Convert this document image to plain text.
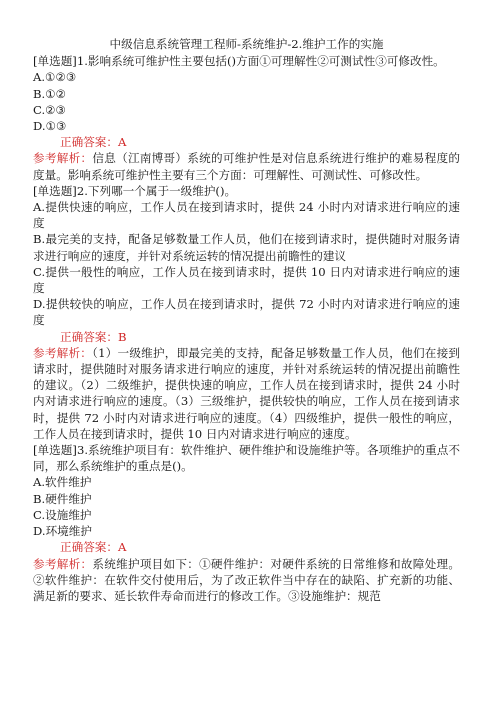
中级信息系统管理工程师-系统维护-2.维护工作的实施

[单选题]1.影响系统可维护性主要包括()方面①可理解性②可测试性③可修改性。

A.①②③

B.①②

C.②③

D.①③

正确答案：A

参考解析：信息（江南博哥）系统的可维护性是对信息系统进行维护的难易程度的度量。影响系统可维护性主要有三个方面：可理解性、可测试性、可修改性。

[单选题]2.下列哪一个属于一级维护()。

A.提供快速的响应，工作人员在接到请求时，提供 24 小时内对请求进行响应的速度

B.最完美的支持，配备足够数量工作人员，他们在接到请求时，提供随时对服务请求进行响应的速度，并针对系统运转的情况提出前瞻性的建议

C.提供一般性的响应，工作人员在接到请求时，提供 10 日内对请求进行响应的速度

D.提供较快的响应，工作人员在接到请求时，提供 72 小时内对请求进行响应的速度

正确答案：B

参考解析：（1）一级维护，即最完美的支持，配备足够数量工作人员，他们在接到请求时，提供随时对服务请求进行响应的速度，并针对系统运转的情况提出前瞻性的建议。（2）二级维护，提供快速的响应，工作人员在接到请求时，提供 24 小时内对请求进行响应的速度。（3）三级维护，提供较快的响应，工作人员在接到请求时，提供 72 小时内对请求进行响应的速度。（4）四级维护，提供一般性的响应，工作人员在接到请求时，提供 10 日内对请求进行响应的速度。

[单选题]3.系统维护项目有：软件维护、硬件维护和设施维护等。各项维护的重点不同，那么系统维护的重点是()。

A.软件维护

B.硬件维护

C.设施维护

D.环境维护

正确答案：A

参考解析：系统维护项目如下：①硬件维护：对硬件系统的日常维修和故障处理。②软件维护：在软件交付使用后，为了改正软件当中存在的缺陷、扩充新的功能、满足新的要求、延长软件寿命而进行的修改工作。③设施维护：规范
